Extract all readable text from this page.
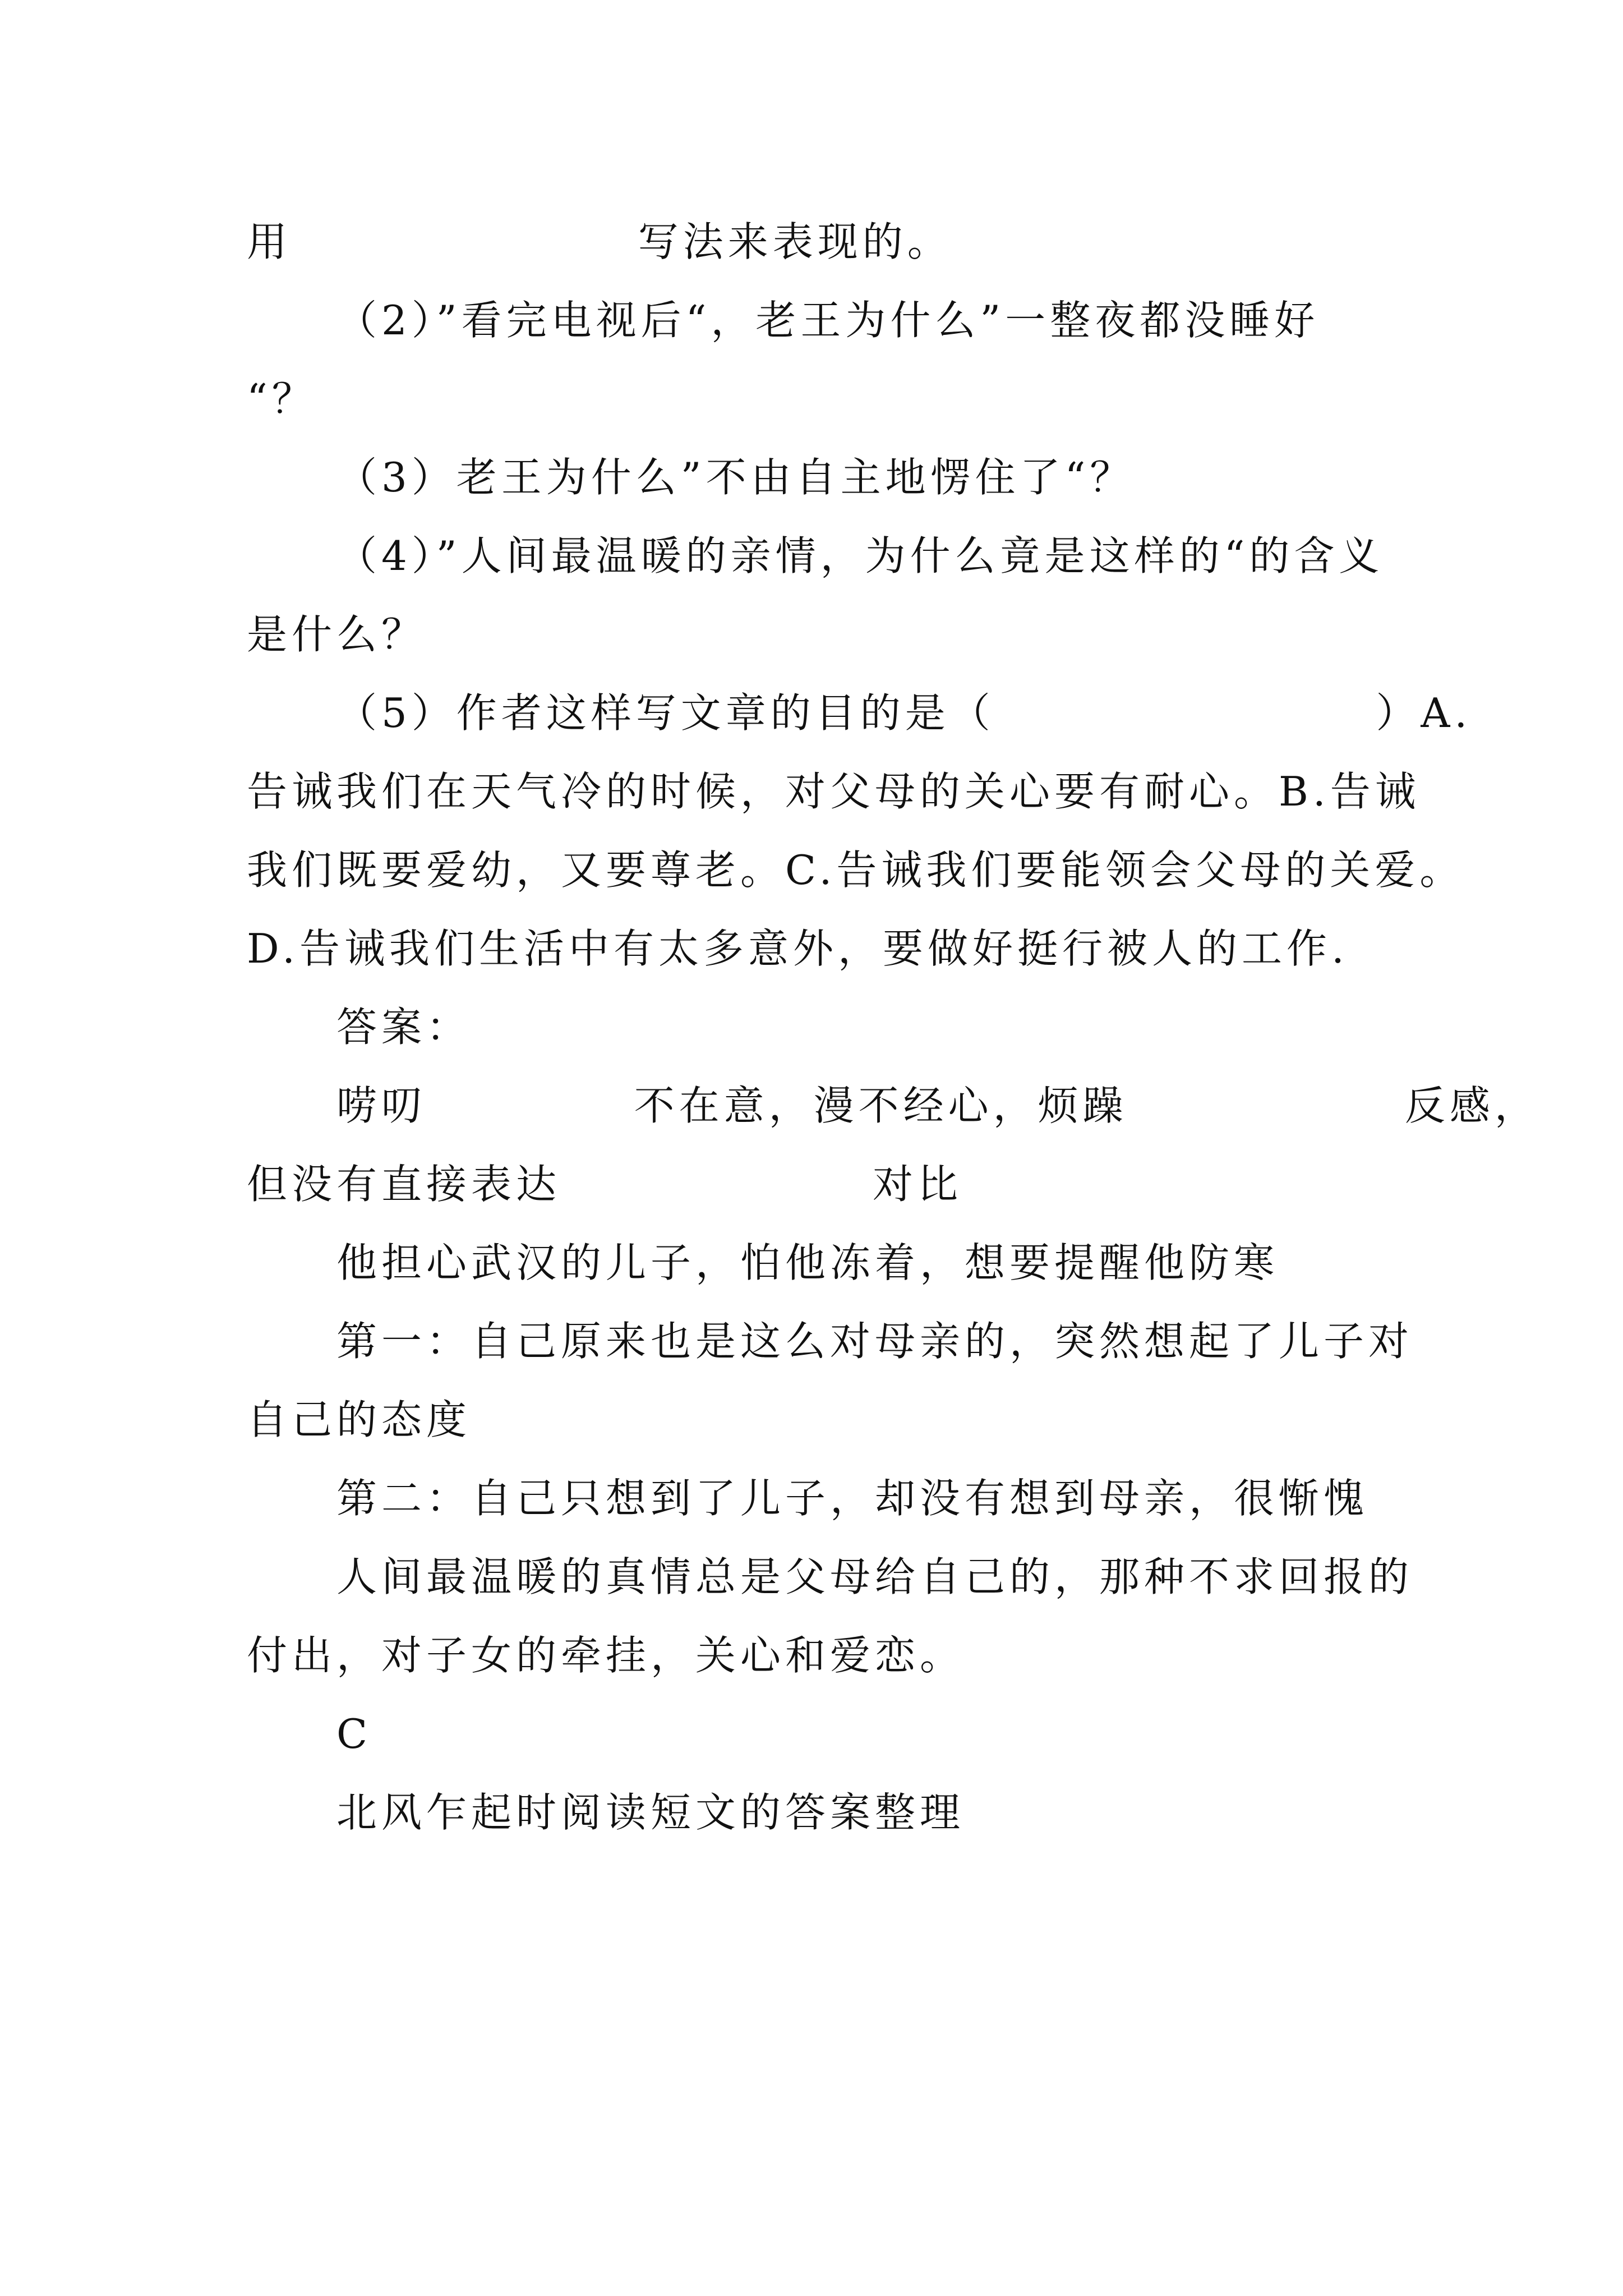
用                    写法来表现的。
（2）”看完电视后“，老王为什么”一整夜都没睡好
“？
（3）老王为什么”不由自主地愣住了“？
（4）”人间最温暖的亲情，为什么竟是这样的“的含义
是什么？
（5）作者这样写文章的目的是（                      ）A.
告诫我们在天气冷的时候，对父母的关心要有耐心。B.告诫
我们既要爱幼，又要尊老。C.告诫我们要能领会父母的关爱。
D.告诫我们生活中有太多意外，要做好挺行被人的工作.
答案：
唠叨            不在意，漫不经心，烦躁                反感，
但没有直接表达                  对比
他担心武汉的儿子，怕他冻着，想要提醒他防寒
第一：自己原来也是这么对母亲的，突然想起了儿子对
自己的态度
第二：自己只想到了儿子，却没有想到母亲，很惭愧
人间最温暖的真情总是父母给自己的，那种不求回报的
付出，对子女的牵挂，关心和爱恋。
C
北风乍起时阅读短文的答案整理
